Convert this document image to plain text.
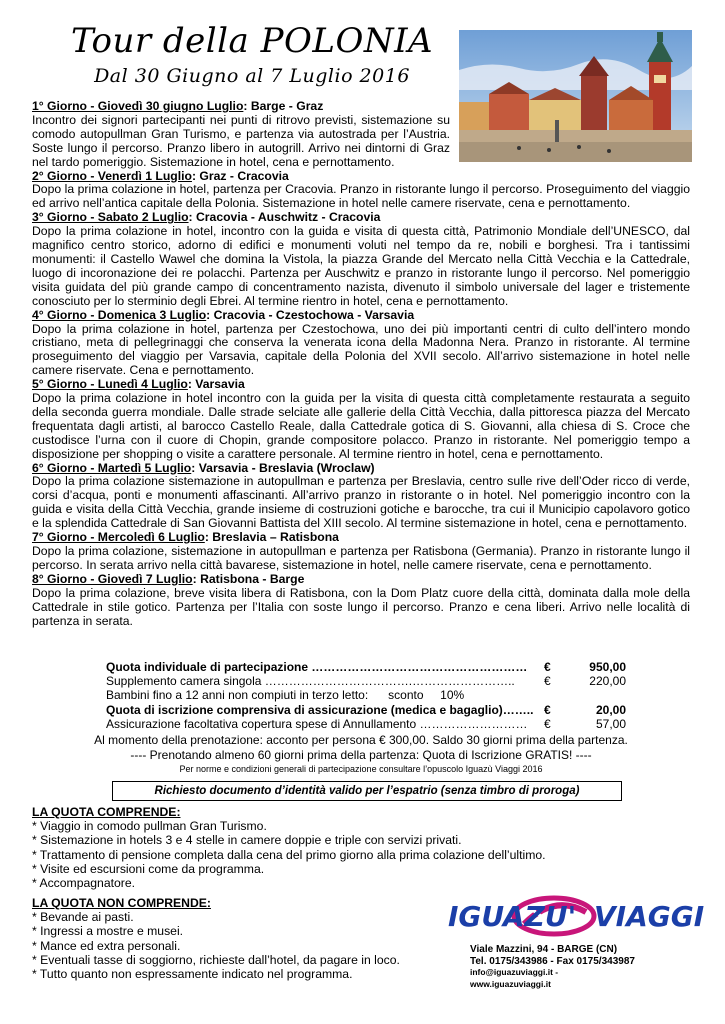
Tour della POLONIA
Dal 30 Giugno al 7 Luglio 2016
1° Giorno - Giovedì 30 giugno Luglio: Barge - Graz
Incontro dei signori partecipanti nei punti di ritrovo previsti, sistemazione su comodo autopullman Gran Turismo, e partenza via autostrada per l’Austria. Soste lungo il percorso. Pranzo libero in autogrill. Arrivo nei dintorni di Graz nel tardo pomeriggio. Sistemazione in hotel, cena e pernottamento.
2° Giorno - Venerdì 1 Luglio: Graz - Cracovia
Dopo la prima colazione in hotel, partenza per Cracovia. Pranzo in ristorante lungo il percorso. Proseguimento del viaggio ed arrivo nell’antica capitale della Polonia. Sistemazione in hotel nelle camere riservate, cena e pernottamento.
3° Giorno - Sabato 2 Luglio: Cracovia - Auschwitz - Cracovia
Dopo la prima colazione in hotel, incontro con la guida e visita di questa città, Patrimonio Mondiale dell’UNESCO, dal magnifico centro storico, adorno di edifici e monumenti voluti nel tempo da re, nobili e borghesi. Tra i tantissimi monumenti: il Castello Wawel che domina la Vistola, la piazza Grande del Mercato nella Città Vecchia e la Cattedrale, luogo di incoronazione dei re polacchi. Partenza per Auschwitz e pranzo in ristorante lungo il percorso. Nel pomeriggio visita guidata del più grande campo di concentramento nazista, divenuto il simbolo universale del lager e tristemente conosciuto per lo sterminio degli Ebrei. Al termine rientro in hotel, cena e pernottamento.
4° Giorno - Domenica 3 Luglio: Cracovia - Czestochowa - Varsavia
Dopo la prima colazione in hotel, partenza per Czestochowa, uno dei più importanti centri di culto dell’intero mondo cristiano, meta di pellegrinaggi che conserva la venerata icona della Madonna Nera. Pranzo in ristorante. Al termine proseguimento del viaggio per Varsavia, capitale della Polonia del XVII secolo. All’arrivo sistemazione in hotel nelle camere riservate. Cena e pernottamento.
5° Giorno - Lunedì 4 Luglio: Varsavia
Dopo la prima colazione in hotel incontro con la guida per la visita di questa città completamente restaurata a seguito della seconda guerra mondiale. Dalle strade selciate alle gallerie della Città Vecchia, dalla pittoresca piazza del Mercato frequentata dagli artisti, al barocco Castello Reale, dalla Cattedrale gotica di S. Giovanni, alla chiesa di S. Croce che custodisce l’urna con il cuore di Chopin, grande compositore polacco. Pranzo in ristorante. Nel pomeriggio tempo a disposizione per shopping o visite a carattere personale. Al termine rientro in hotel, cena e pernottamento.
6° Giorno - Martedì 5 Luglio: Varsavia - Breslavia (Wroclaw)
Dopo la prima colazione sistemazione in autopullman e partenza per Breslavia, centro sulle rive dell’Oder ricco di verde, corsi d’acqua, ponti e monumenti affascinanti. All’arrivo pranzo in ristorante o in hotel. Nel pomeriggio incontro con la guida e visita della Città Vecchia, grande insieme di costruzioni gotiche e barocche, tra cui il Municipio capolavoro gotico e la splendida Cattedrale di San Giovanni Battista del XIII secolo. Al termine sistemazione in hotel, cena e pernottamento.
7° Giorno - Mercoledì 6 Luglio: Breslavia – Ratisbona
Dopo la prima colazione, sistemazione in autopullman e partenza per Ratisbona (Germania). Pranzo in ristorante lungo il percorso. In serata arrivo nella città bavarese, sistemazione in hotel, nelle camere riservate, cena e pernottamento.
8° Giorno - Giovedì 7 Luglio: Ratisbona - Barge
Dopo la prima colazione, breve visita libera di Ratisbona, con la Dom Platz cuore della città, dominata dalla mole della Cattedrale in stile gotico. Partenza per l’Italia con soste lungo il percorso. Pranzo e cena liberi. Arrivo nelle località di partenza in serata.
Quota individuale di partecipazione ……………………………………………… €	950,00
Supplemento camera singola ……………………………….…………………….. €	220,00
Bambini fino a 12 anni non compiuti in terzo letto:      sconto     10%
Quota di iscrizione comprensiva di assicurazione (medica e bagaglio)…….. €	20,00
Assicurazione facoltativa copertura spese di Annullamento ……………………… €	57,00
Al momento della prenotazione: acconto per persona € 300,00. Saldo 30 giorni prima della partenza.
---- Prenotando almeno 60 giorni prima della partenza: Quota di Iscrizione GRATIS! ----
Per norme e condizioni generali di partecipazione consultare l’opuscolo Iguazù Viaggi 2016
Richiesto documento d’identità valido per l’espatrio (senza timbro di proroga)
LA QUOTA COMPRENDE:
* Viaggio in comodo pullman Gran Turismo.
* Sistemazione in hotels 3 e 4 stelle in camere doppie e triple con servizi privati.
* Trattamento di pensione completa dalla cena del primo giorno alla prima colazione dell’ultimo.
* Visite ed escursioni come da programma.
* Accompagnatore.
LA QUOTA NON COMPRENDE:
* Bevande ai pasti.
* Ingressi a mostre e musei.
* Mance ed extra personali.
* Eventuali tasse di soggiorno, richieste dall’hotel, da pagare in loco.
* Tutto quanto non espressamente indicato nel programma.
IGUAZU' VIAGGI
Viale Mazzini, 94 - BARGE (CN)
Tel. 0175/343986 - Fax 0175/343987
info@iguazuviaggi.it - www.iguazuviaggi.it
